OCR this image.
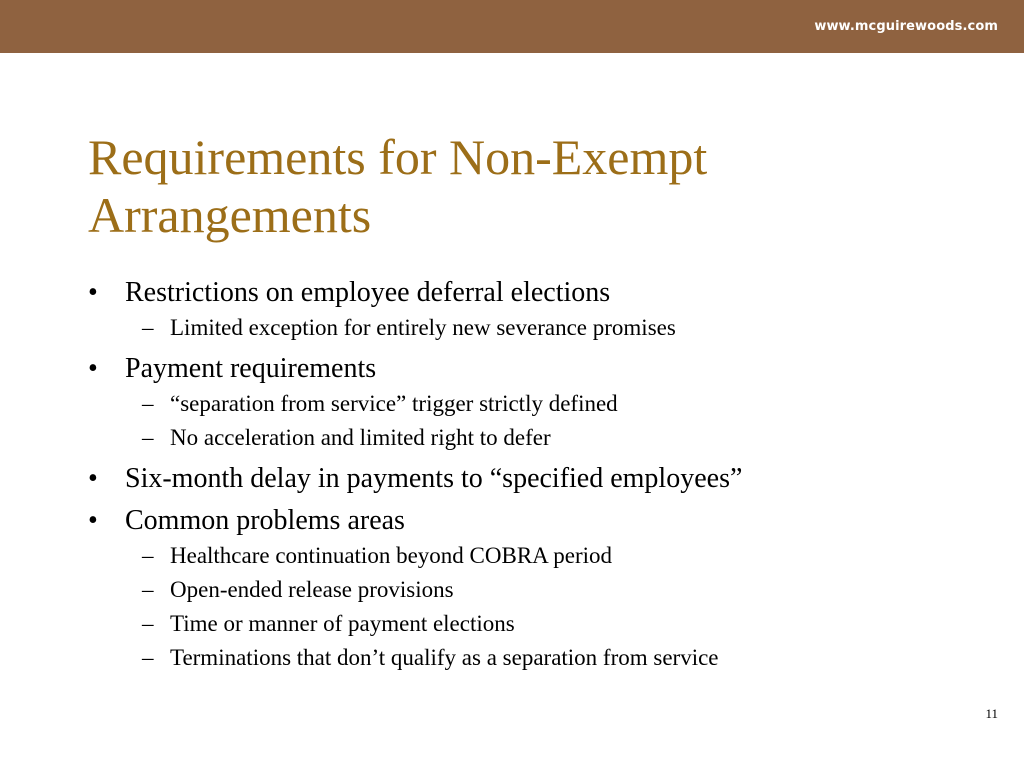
www.mcguirewoods.com
Requirements for Non-Exempt
Arrangements
• Restrictions on employee deferral elections
– Limited exception for entirely new severance promises
• Payment requirements
– “separation from service” trigger strictly defined
– No acceleration and limited right to defer
• Six-month delay in payments to “specified employees”
• Common problems areas
– Healthcare continuation beyond COBRA period
– Open-ended release provisions
– Time or manner of payment elections
– Terminations that don’t qualify as a separation from service
11
